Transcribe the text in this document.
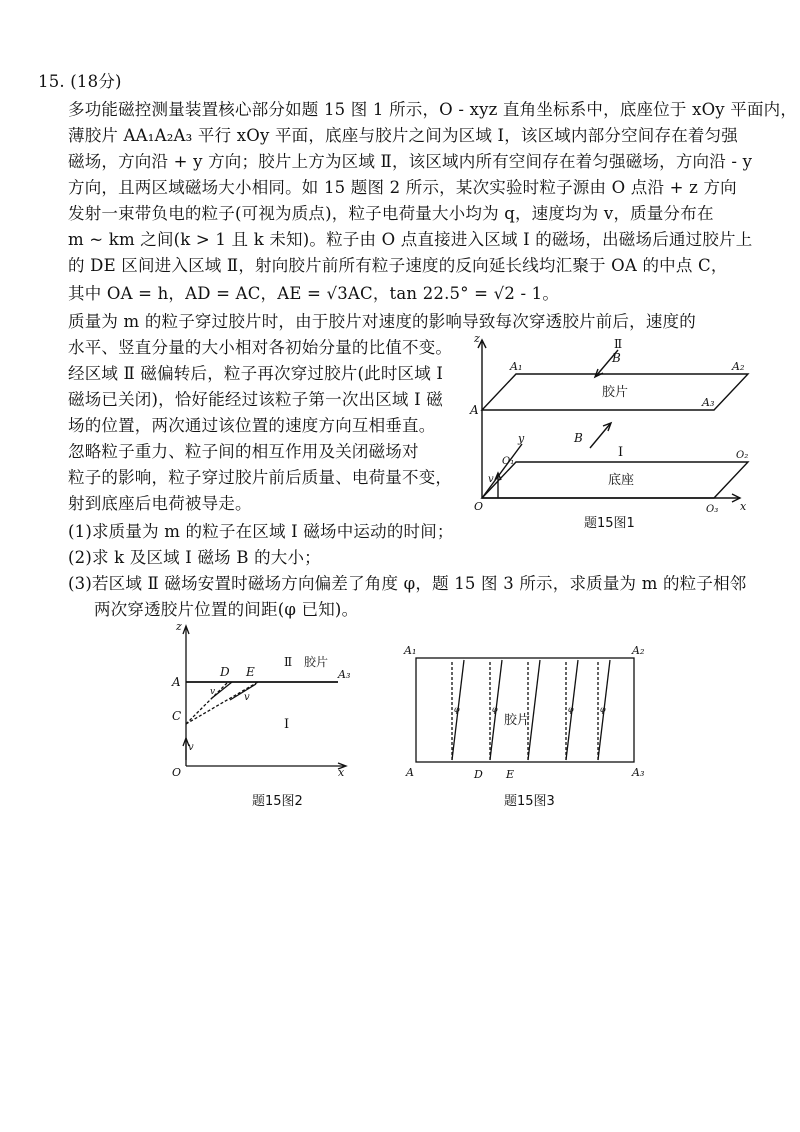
15. (18分)
多功能磁控测量装置核心部分如题 15 图 1 所示，O - xyz 直角坐标系中，底座位于 xOy 平面内，
薄胶片 AA₁A₂A₃ 平行 xOy 平面，底座与胶片之间为区域 Ⅰ，该区域内部分空间存在着匀强
磁场，方向沿 + y 方向；胶片上方为区域 Ⅱ，该区域内所有空间存在着匀强磁场，方向沿 - y
方向，且两区域磁场大小相同。如 15 题图 2 所示，某次实验时粒子源由 O 点沿 + z 方向
发射一束带负电的粒子(可视为质点)，粒子电荷量大小均为 q，速度均为 v，质量分布在
m ~ km 之间(k > 1 且 k 未知)。粒子由 O 点直接进入区域 Ⅰ 的磁场，出磁场后通过胶片上
的 DE 区间进入区域 Ⅱ，射向胶片前所有粒子速度的反向延长线均汇聚于 OA 的中点 C，
其中 OA = h，AD = AC，AE = √3AC，tan 22.5° = √2 - 1。
质量为 m 的粒子穿过胶片时，由于胶片对速度的影响导致每次穿透胶片前后，速度的
水平、竖直分量的大小相对各初始分量的比值不变。
经区域 Ⅱ 磁偏转后，粒子再次穿过胶片(此时区域 Ⅰ
磁场已关闭)，恰好能经过该粒子第一次出区域 Ⅰ 磁
场的位置，两次通过该位置的速度方向互相垂直。
忽略粒子重力、粒子间的相互作用及关闭磁场对
粒子的影响，粒子穿过胶片前后质量、电荷量不变，
射到底座后电荷被导走。
(1)求质量为 m 的粒子在区域 Ⅰ 磁场中运动的时间；
(2)求 k 及区域 Ⅰ 磁场 B 的大小；
(3)若区域 Ⅱ 磁场安置时磁场方向偏差了角度 φ，题 15 图 3 所示，求质量为 m 的粒子相邻
两次穿透胶片位置的间距(φ 已知)。
z	Ⅱ
B
A₁	A₂
胶片
A₃
A
y	B
Ⅰ
O₁
O₂
v	底座
O	O₃ x
题15图1
z
A
D E
Ⅱ 胶片
A₃
v	v
C
Ⅰ
v
O	x
题15图2
φ	φ	φ	φ
A₁	A₂
胶片
A	D E	A₃
题15图3
